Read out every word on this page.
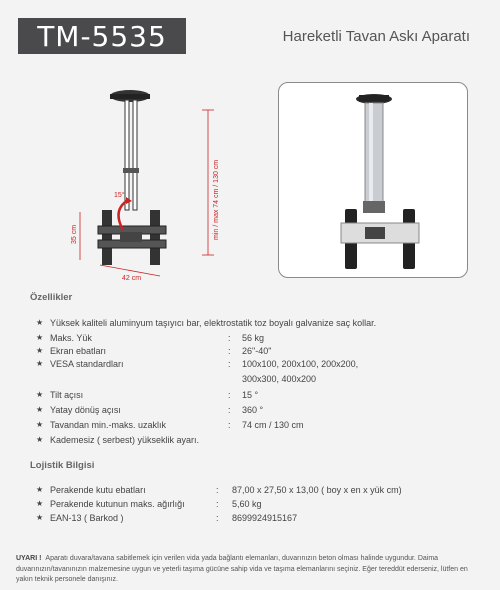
TM-5535	Hareketli Tavan Askı Aparatı
15°
35 cm
42 cm
min / max 74 cm / 130 cm
Özellikler
★ Yüksek kaliteli aluminyum taşıyıcı bar, elektrostatik toz boyalı galvanize saç kollar.
★ Maks. Yük	: 56 kg
★ Ekran ebatları	: 26"-40"
★ VESA standardları	: 100x100, 200x100, 200x200,
300x300, 400x200
★ Tilt açısı	: 15 °
★ Yatay dönüş açısı	: 360 °
★ Tavandan min.-maks. uzaklık	: 74 cm / 130 cm
★ Kademesiz ( serbest) yükseklik ayarı.
Lojistik Bilgisi
★ Perakende kutu ebatları	: 87,00 x 27,50 x 13,00 ( boy x en x yük cm)
★ Perakende kutunun maks. ağırlığı	: 5,60 kg
★ EAN-13 ( Barkod )	: 8699924915167
UYARI ! Aparatı duvara/tavana sabitlemek için verilen vida yada bağlantı elemanları, duvarınızın beton olması halinde uygundur. Daima duvarınızın/tavanınızın malzemesine uygun ve yeterli taşıma gücüne sahip vida ve taşıma elemanlarını seçiniz. Eğer tereddüt ederseniz, lütfen en yakın teknik personele danışınız.
